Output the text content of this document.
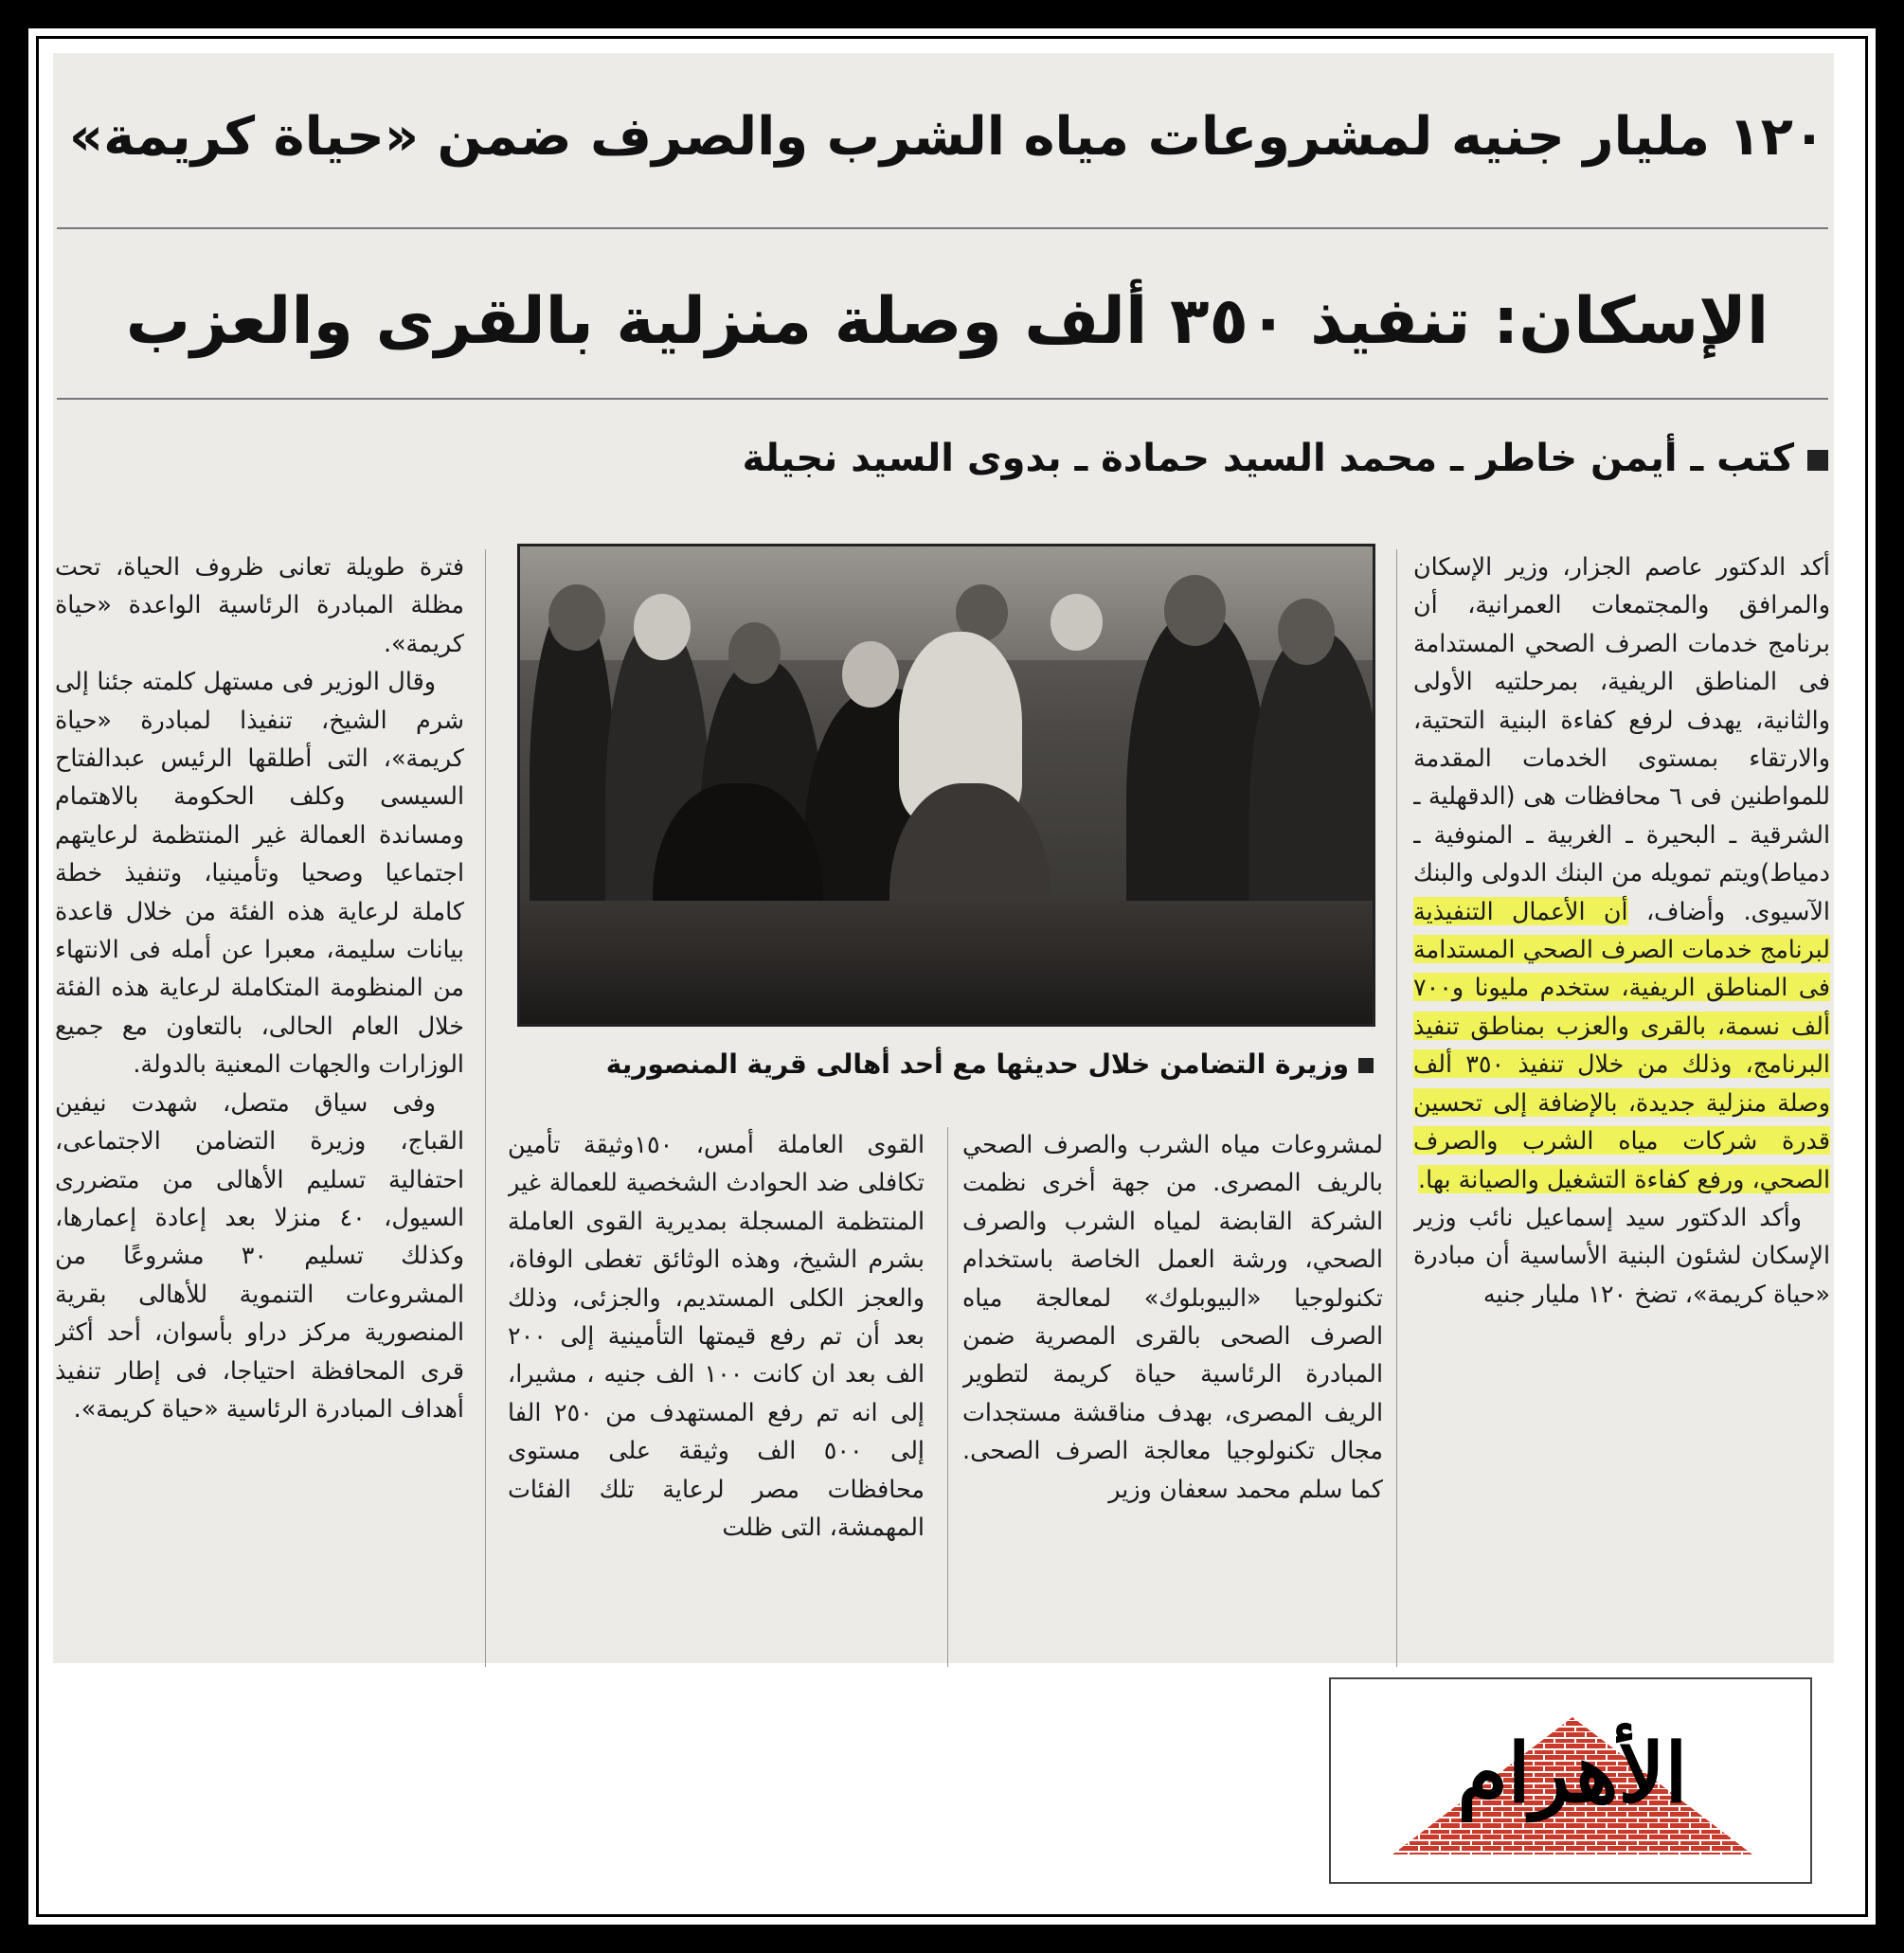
١٢٠ مليار جنيه لمشروعات مياه الشرب والصرف ضمن «حياة كريمة»
الإسكان: تنفيذ ٣٥٠ ألف وصلة منزلية بالقرى والعزب
كتب ـ أيمن خاطر ـ محمد السيد حمادة ـ بدوى السيد نجيلة
وزيرة التضامن خلال حديثها مع أحد أهالى قرية المنصورية

أكد الدكتور عاصم الجزار، وزير الإسكان والمرافق والمجتمعات العمرانية، أن برنامج خدمات الصرف الصحي المستدامة فى المناطق الريفية، بمرحلتيه الأولى والثانية، يهدف لرفع كفاءة البنية التحتية، والارتقاء بمستوى الخدمات المقدمة للمواطنين فى ٦ محافظات هى (الدقهلية ـ الشرقية ـ البحيرة ـ الغربية ـ المنوفية ـ دمياط)ويتم تمويله من البنك الدولى والبنك الآسيوى. وأضاف، أن الأعمال التنفيذية لبرنامج خدمات الصرف الصحي المستدامة فى المناطق الريفية، ستخدم مليونا و٧٠٠ ألف نسمة، بالقرى والعزب بمناطق تنفيذ البرنامج، وذلك من خلال تنفيذ ٣٥٠ ألف وصلة منزلية جديدة، بالإضافة إلى تحسين قدرة شركات مياه الشرب والصرف الصحي، ورفع كفاءة التشغيل والصيانة بها.

وأكد الدكتور سيد إسماعيل نائب وزير الإسكان لشئون البنية الأساسية أن مبادرة «حياة كريمة»، تضخ ١٢٠ مليار جنيه

لمشروعات مياه الشرب والصرف الصحي بالريف المصرى. من جهة أخرى نظمت الشركة القابضة لمياه الشرب والصرف الصحي، ورشة العمل الخاصة باستخدام تكنولوجيا «البيوبلوك» لمعالجة مياه الصرف الصحى بالقرى المصرية ضمن المبادرة الرئاسية حياة كريمة لتطوير الريف المصرى، بهدف مناقشة مستجدات مجال تكنولوجيا معالجة الصرف الصحى. كما سلم محمد سعفان وزير

القوى العاملة أمس، ١٥٠وثيقة تأمين تكافلى ضد الحوادث الشخصية للعمالة غير المنتظمة المسجلة بمديرية القوى العاملة بشرم الشيخ، وهذه الوثائق تغطى الوفاة، والعجز الكلى المستديم، والجزئى، وذلك بعد أن تم رفع قيمتها التأمينية إلى ٢٠٠ الف بعد ان كانت ١٠٠ الف جنيه ، مشيرا، إلى انه تم رفع المستهدف من ٢٥٠ الفا إلى ٥٠٠ الف وثيقة على مستوى محافظات مصر لرعاية تلك الفئات المهمشة، التى ظلت

فترة طويلة تعانى ظروف الحياة، تحت مظلة المبادرة الرئاسية الواعدة «حياة كريمة».

وقال الوزير فى مستهل كلمته جئنا إلى شرم الشيخ، تنفيذا لمبادرة «حياة كريمة»، التى أطلقها الرئيس عبدالفتاح السيسى وكلف الحكومة بالاهتمام ومساندة العمالة غير المنتظمة لرعايتهم اجتماعيا وصحيا وتأمينيا، وتنفيذ خطة كاملة لرعاية هذه الفئة من خلال قاعدة بيانات سليمة، معبرا عن أمله فى الانتهاء من المنظومة المتكاملة لرعاية هذه الفئة خلال العام الحالى، بالتعاون مع جميع الوزارات والجهات المعنية بالدولة.

وفى سياق متصل، شهدت نيفين القباج، وزيرة التضامن الاجتماعى، احتفالية تسليم الأهالى من متضررى السيول، ٤٠ منزلا بعد إعادة إعمارها، وكذلك تسليم ٣٠ مشروعًا من المشروعات التنموية للأهالى بقرية المنصورية مركز دراو بأسوان، أحد أكثر قرى المحافظة احتياجا، فى إطار تنفيذ أهداف المبادرة الرئاسية «حياة كريمة».

الأهرام
